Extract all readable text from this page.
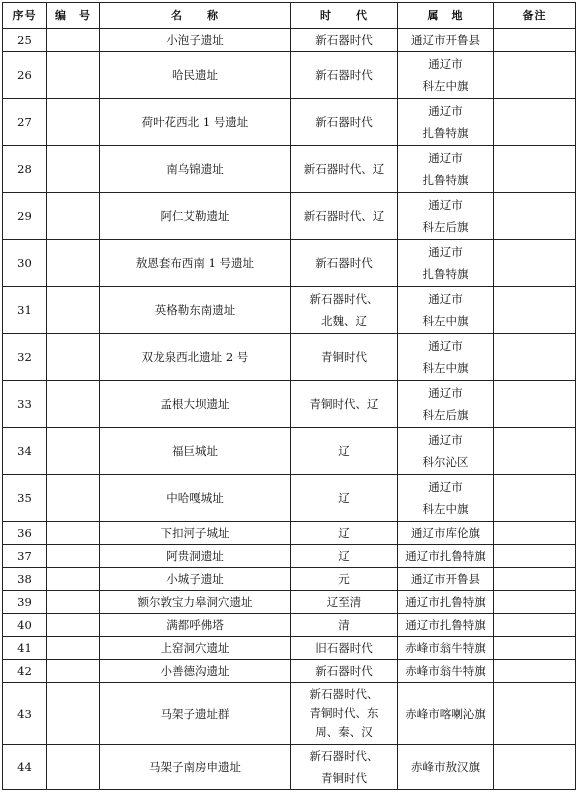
序号	编　号	名　　称	时　　代	属　地	备注
25		小泡子遗址	新石器时代	通辽市开鲁县	
26		哈民遗址	新石器时代	通辽市
科左中旗	
27		荷叶花西北 1 号遗址	新石器时代	通辽市
扎鲁特旗	
28		南乌锦遗址	新石器时代、辽	通辽市
扎鲁特旗	
29		阿仁艾勒遗址	新石器时代、辽	通辽市
科左后旗	
30		敖恩套布西南 1 号遗址	新石器时代	通辽市
扎鲁特旗	
31		英格勒东南遗址	新石器时代、
北魏、辽	通辽市
科左中旗	
32		双龙泉西北遗址 2 号	青铜时代	通辽市
科左中旗	
33		孟根大坝遗址	青铜时代、辽	通辽市
科左后旗	
34		福巨城址	辽	通辽市
科尔沁区	
35		中哈嘎城址	辽	通辽市
科左中旗	
36		下扣河子城址	辽	通辽市库伦旗	
37		阿贵洞遗址	辽	通辽市扎鲁特旗	
38		小城子遗址	元	通辽市开鲁县	
39		额尔敦宝力皋洞穴遗址	辽至清	通辽市扎鲁特旗	
40		满都呼佛塔	清	通辽市扎鲁特旗	
41		上窑洞穴遗址	旧石器时代	赤峰市翁牛特旗	
42		小善德沟遗址	新石器时代	赤峰市翁牛特旗	
43		马架子遗址群	新石器时代、
青铜时代、东
周、秦、汉	赤峰市喀喇沁旗	
44		马架子南房申遗址	新石器时代、
青铜时代	赤峰市敖汉旗	
